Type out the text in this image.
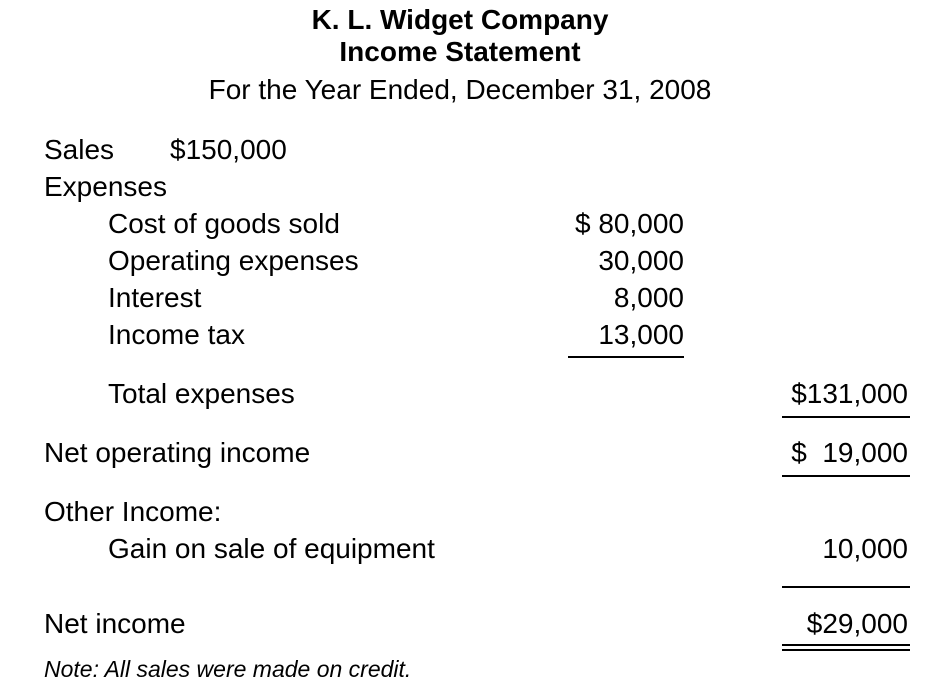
K. L. Widget Company
Income Statement
For the Year Ended, December 31, 2008
Sales $150,000
Expenses
Cost of goods sold	$ 80,000
Operating expenses	30,000
Interest	8,000
Income tax	13,000
Total expenses	$131,000
Net operating income	$  19,000
Other Income:
Gain on sale of equipment	10,000
Net income	$29,000
Note: All sales were made on credit.
